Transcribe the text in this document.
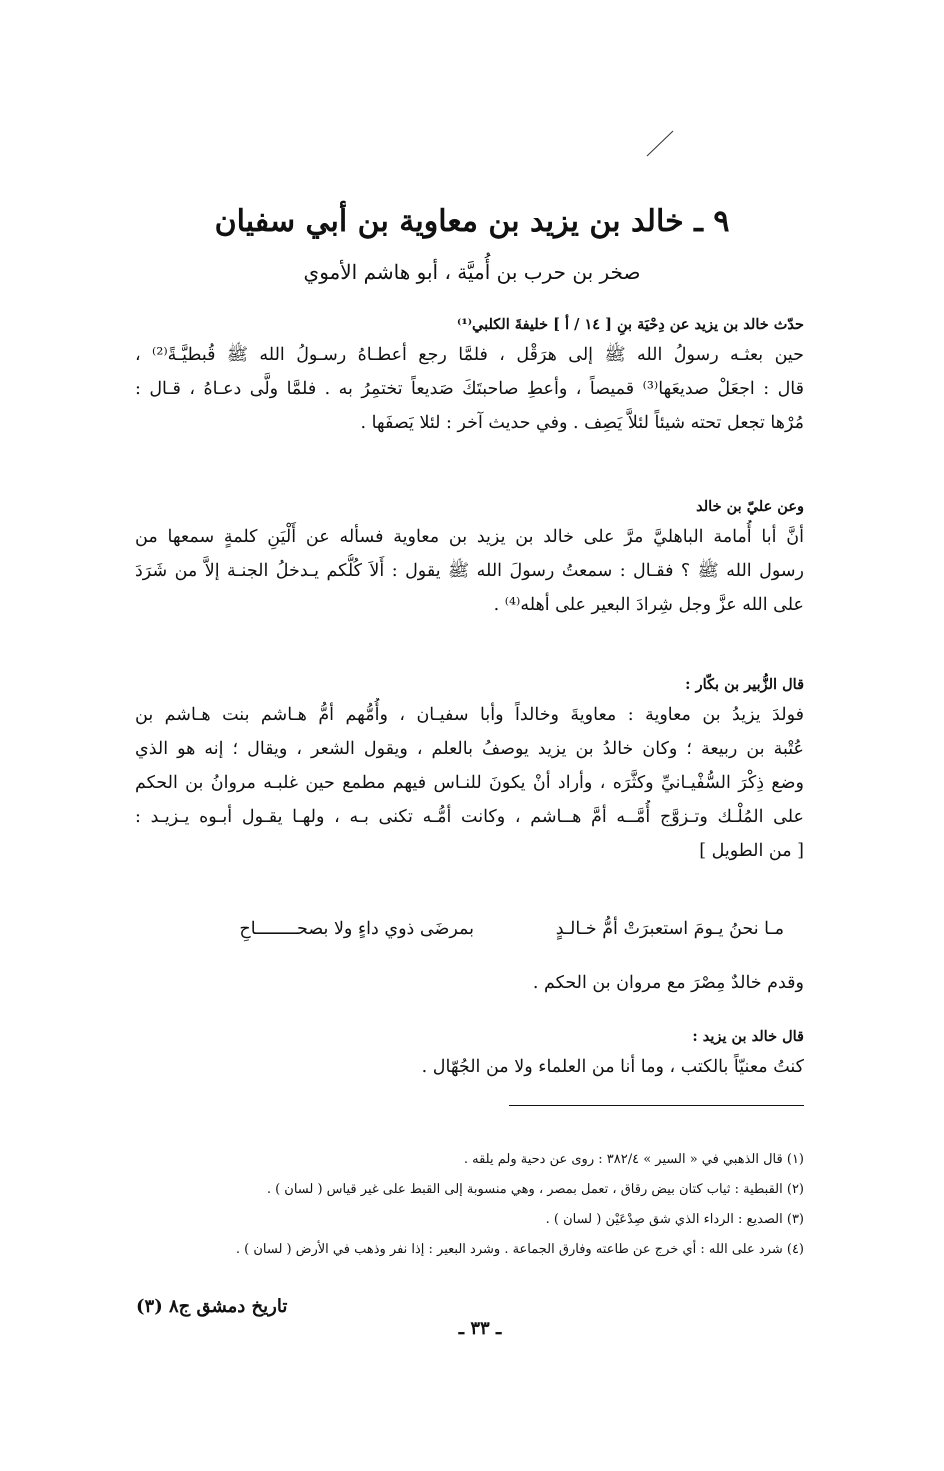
٩ ـ خالد بن يزيد بن معاوية بن أبي سفيان
صخر بن حرب بن أُميَّة ، أبو هاشم الأموي
حدّث خالد بن يزيد عن دِحْيَة بنِ [ ١٤ / أ ] خليفةَ الكلبي⁽¹⁾
حين بعثـه رسولُ الله ﷺ إلى هرَقْل ، فلمَّا رجع أعطـاهُ رسـولُ الله ﷺ قُبطيَّـةً⁽²⁾ ،
قال : اجعَلْ صديعَها⁽³⁾ قميصاً ، وأعطِ صاحبتَكَ صَديعاً تختمِرُ به . فلمَّا ولَّى دعـاهُ ، قـال :
مُرْها تجعل تحته شيئاً لئلاَّ يَصِف . وفي حديث آخر : لئلا يَصفَها .
وعن عليّ بن خالد
أنَّ أبا أُمامة الباهليَّ مرَّ على خالد بن يزيد بن معاوية فسأله عن أَلْيَنِ كلمةٍ سمعها من
رسول الله ﷺ ؟ فقـال : سمعتُ رسولَ الله ﷺ يقول : أَلاَ كُلُّكم يـدخلُ الجنـة إلاَّ من شَرَدَ
على الله عزَّ وجل شِرادَ البعير على أهله⁽⁴⁾ .
قال الزُّبير بن بكّار :
فولدَ يزيدُ بن معاوية : معاويةَ وخالداً وأبا سفيـان ، وأُمُّهم أمُّ هـاشم بنت هـاشم بن
عُتْبة بن ربيعة ؛ وكان خالدُ بن يزيد يوصفُ بالعلم ، ويقول الشعر ، ويقال ؛ إنه هو الذي
وضع ذِكْرَ السُّفْيـانيِّ وكثَّرَه ، وأراد أنْ يكونَ للنـاس فيهم مطمع حين غلبـه مروانُ بن الحكم
على المُلْـك وتـزوَّج أُمَّــه أمَّ هــاشم ، وكانت أمُّـه تكنى بـه ، ولهـا يقـول أبـوه يـزيـد :
[ من الطويل ]
مـا نحنُ يـومَ استعبرَتْ أمُّ خـالـدٍ
بمرضَى ذوي داءٍ ولا بصحــــــــاحِ
وقدم خالدٌ مِصْرَ مع مروان بن الحكم .
قال خالد بن يزيد :
كنتُ معنيّاً بالكتب ، وما أنا من العلماء ولا من الجُهّال .
(١) قال الذهبي في « السير » ٣٨٢/٤ : روى عن دحية ولم يلقه .
(٢) القبطية : ثياب كتان بيض رقاق ، تعمل بمصر ، وهي منسوبة إلى القبط على غير قياس ( لسان ) .
(٣) الصديع : الرداء الذي شق صِدْعَيْن ( لسان ) .
(٤) شرد على الله : أي خرج عن طاعته وفارق الجماعة . وشرد البعير : إذا نفر وذهب في الأرض ( لسان ) .
تاريخ دمشق ج٨ (٣)
ـ ٣٣ ـ
